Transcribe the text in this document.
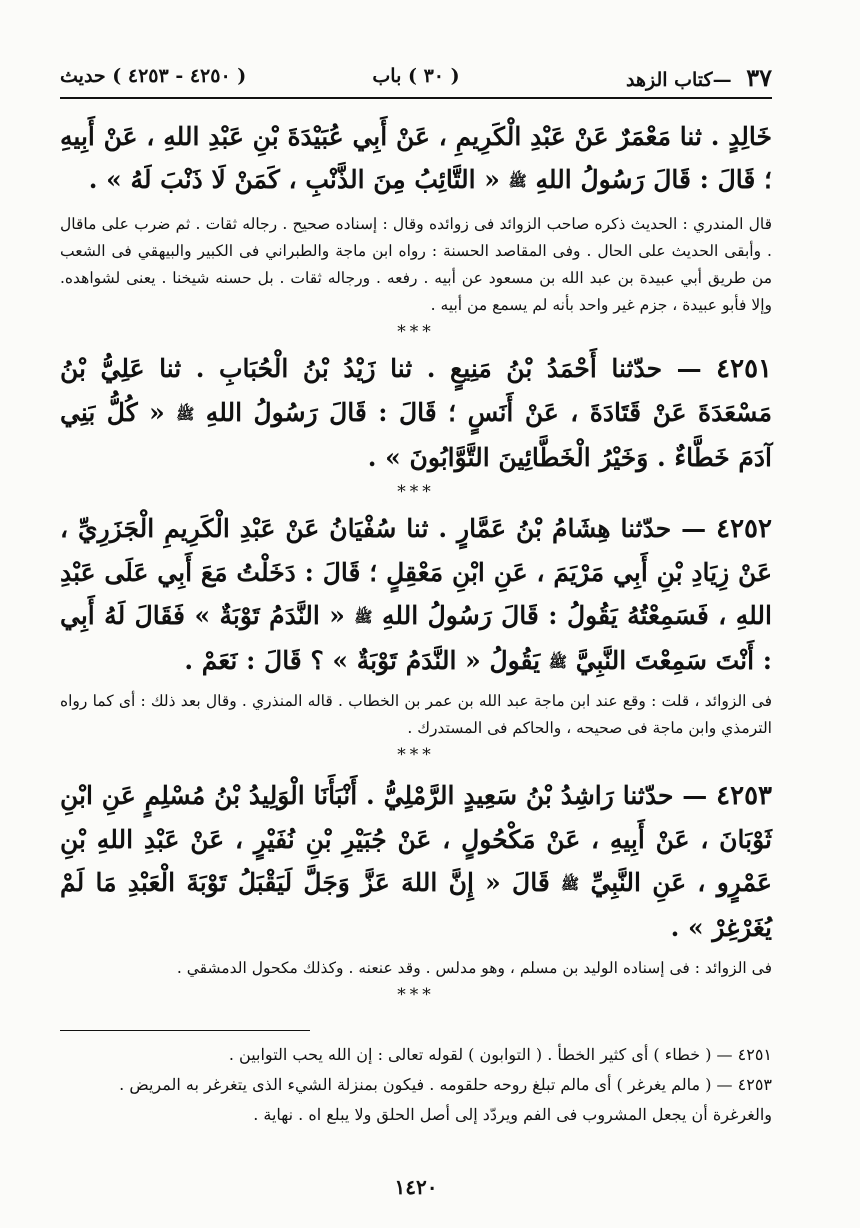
٣٧ —كتاب الزهد
( ٣٠ ) باب
( ٤٢٥٠ - ٤٢٥٣ ) حديث

خَالِدٍ . ثنا مَعْمَرٌ عَنْ عَبْدِ الْكَرِيمِ ، عَنْ أَبِي عُبَيْدَةَ بْنِ عَبْدِ اللهِ ، عَنْ أَبِيهِ ؛ قَالَ : قَالَ رَسُولُ اللهِ ﷺ « التَّائِبُ مِنَ الذَّنْبِ ، كَمَنْ لَا ذَنْبَ لَهُ » .

قال المندري : الحديث ذكره صاحب الزوائد فى زوائده وقال : إسناده صحيح . رجاله ثقات . ثم ضرب على ماقال . وأبقى الحديث على الحال . وفى المقاصد الحسنة : رواه ابن ماجة والطبراني فى الكبير والبيهقي فى الشعب من طريق أبي عبيدة بن عبد الله بن مسعود عن أبيه . رفعه . ورجاله ثقات . بل حسنه شيخنا . يعنى لشواهده. وإلا فأبو عبيدة ، جزم غير واحد بأنه لم يسمع من أبيه .

***

٤٢٥١ — حدّثنا أَحْمَدُ بْنُ مَنِيعٍ . ثنا زَيْدُ بْنُ الْحُبَابِ . ثنا عَلِيُّ بْنُ مَسْعَدَةَ عَنْ قَتَادَةَ ، عَنْ أَنَسٍ ؛ قَالَ : قَالَ رَسُولُ اللهِ ﷺ « كُلُّ بَنِي آدَمَ خَطَّاءٌ . وَخَيْرُ الْخَطَّائِينَ التَّوَّابُونَ » .

***

٤٢٥٢ — حدّثنا هِشَامُ بْنُ عَمَّارٍ . ثنا سُفْيَانُ عَنْ عَبْدِ الْكَرِيمِ الْجَزَرِيِّ ، عَنْ زِيَادِ بْنِ أَبِي مَرْيَمَ ، عَنِ ابْنِ مَعْقِلٍ ؛ قَالَ : دَخَلْتُ مَعَ أَبِي عَلَى عَبْدِ اللهِ ، فَسَمِعْتُهُ يَقُولُ : قَالَ رَسُولُ اللهِ ﷺ « النَّدَمُ تَوْبَةٌ » فَقَالَ لَهُ أَبِي : أَنْتَ سَمِعْتَ النَّبِيَّ ﷺ يَقُولُ « النَّدَمُ تَوْبَةٌ » ؟ قَالَ : نَعَمْ .

فى الزوائد ، قلت : وقع عند ابن ماجة عبد الله بن عمر بن الخطاب . قاله المنذري . وقال بعد ذلك : أى كما رواه الترمذي وابن ماجة فى صحيحه ، والحاكم فى المستدرك .

***

٤٢٥٣ — حدّثنا رَاشِدُ بْنُ سَعِيدٍ الرَّمْلِيُّ . أَنْبَأَنَا الْوَلِيدُ بْنُ مُسْلِمٍ عَنِ ابْنِ ثَوْبَانَ ، عَنْ أَبِيهِ ، عَنْ مَكْحُولٍ ، عَنْ جُبَيْرِ بْنِ نُفَيْرٍ ، عَنْ عَبْدِ اللهِ بْنِ عَمْرٍو ، عَنِ النَّبِيِّ ﷺ قَالَ « إِنَّ اللهَ عَزَّ وَجَلَّ لَيَقْبَلُ تَوْبَةَ الْعَبْدِ مَا لَمْ يُغَرْغِرْ » .

فى الزوائد : فى إسناده الوليد بن مسلم ، وهو مدلس . وقد عنعنه . وكذلك مكحول الدمشقي .

***
٤٢٥١ — ( خطاء ) أى كثير الخطأ . ( التوابون ) لقوله تعالى : إن الله يحب التوابين .
٤٢٥٣ — ( مالم يغرغر ) أى مالم تبلغ روحه حلقومه . فيكون بمنزلة الشيء الذى يتغرغر به المريض .
والغرغرة أن يجعل المشروب فى الفم ويردّد إلى أصل الحلق ولا يبلع اه . نهاية .
١٤٢٠
